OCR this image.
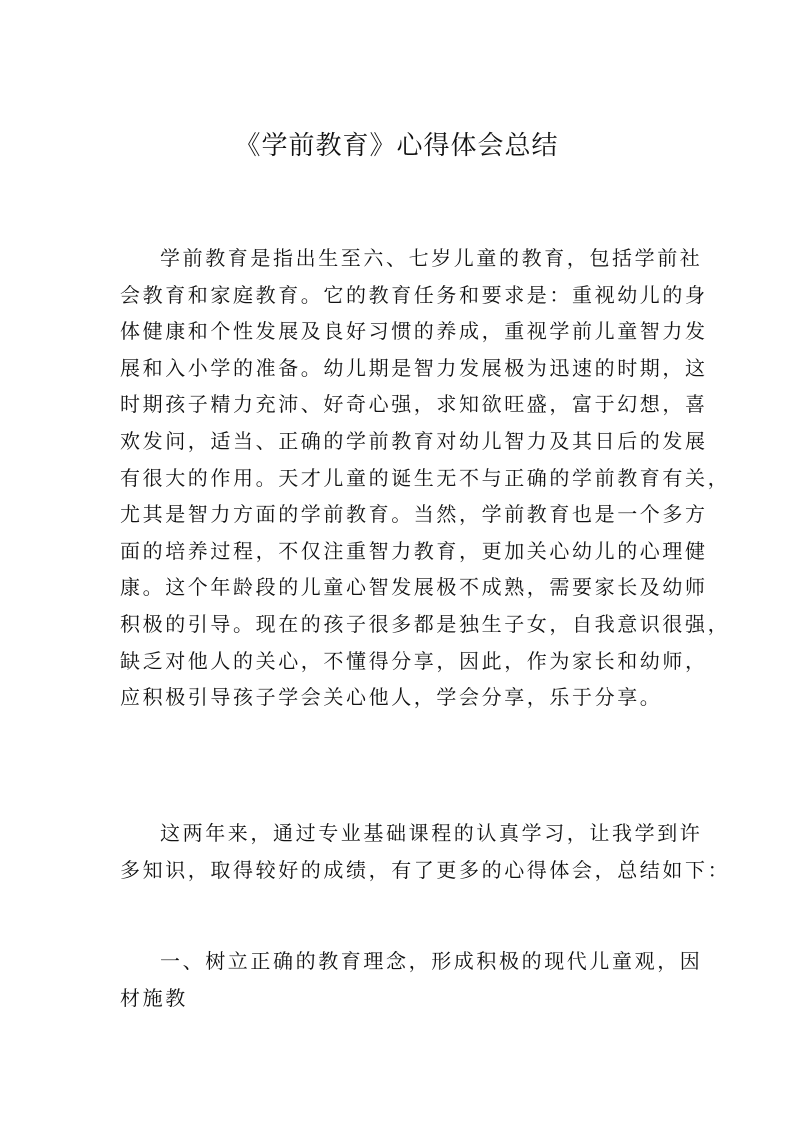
《学前教育》心得体会总结
学前教育是指出生至六、七岁儿童的教育，包括学前社
会教育和家庭教育。它的教育任务和要求是：重视幼儿的身
体健康和个性发展及良好习惯的养成，重视学前儿童智力发
展和入小学的准备。幼儿期是智力发展极为迅速的时期，这
时期孩子精力充沛、好奇心强，求知欲旺盛，富于幻想，喜
欢发问，适当、正确的学前教育对幼儿智力及其日后的发展
有很大的作用。天才儿童的诞生无不与正确的学前教育有关，
尤其是智力方面的学前教育。当然，学前教育也是一个多方
面的培养过程，不仅注重智力教育，更加关心幼儿的心理健
康。这个年龄段的儿童心智发展极不成熟，需要家长及幼师
积极的引导。现在的孩子很多都是独生子女，自我意识很强，
缺乏对他人的关心，不懂得分享，因此，作为家长和幼师，
应积极引导孩子学会关心他人，学会分享，乐于分享。
这两年来，通过专业基础课程的认真学习，让我学到许
多知识，取得较好的成绩，有了更多的心得体会，总结如下：
一、树立正确的教育理念，形成积极的现代儿童观，因
材施教
